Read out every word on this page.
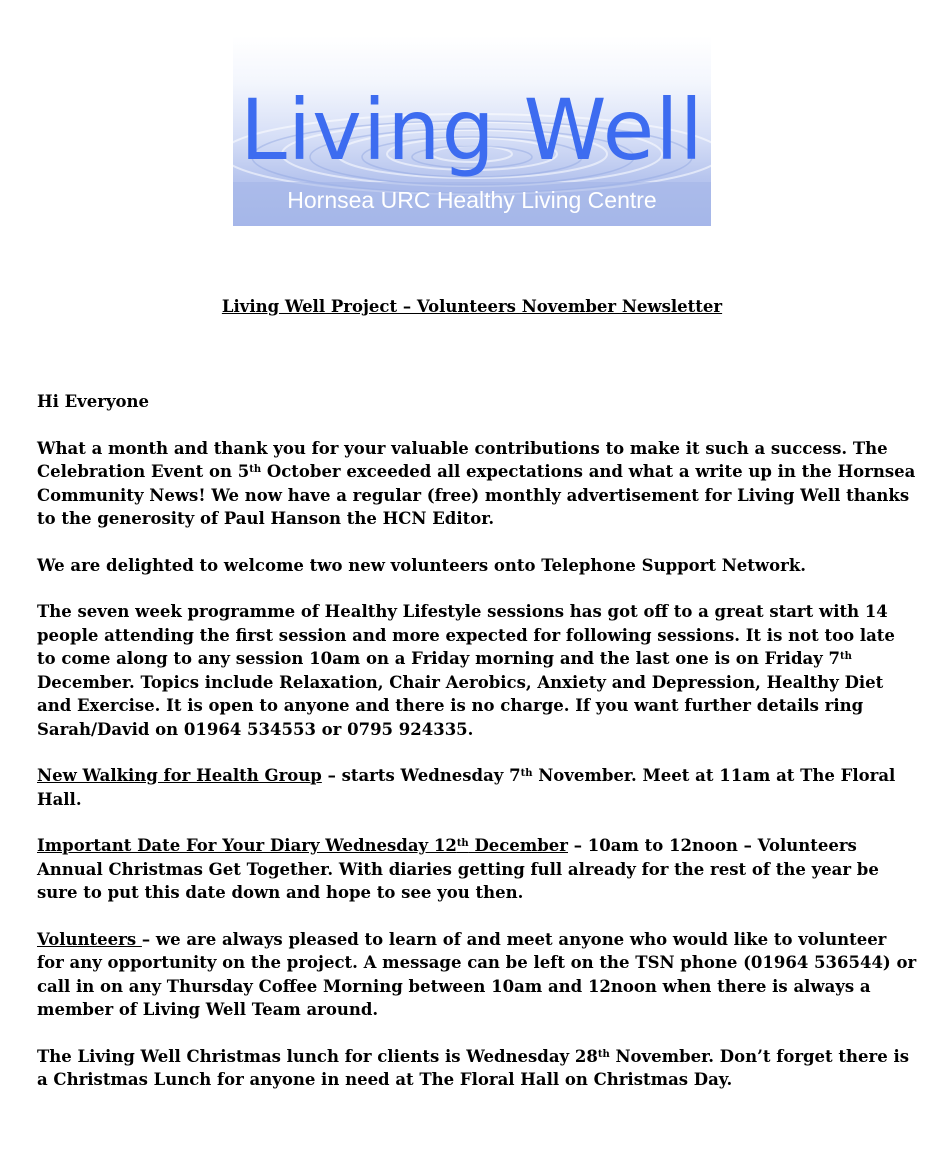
Living Well
Hornsea URC Healthy Living Centre
Living Well Project – Volunteers November Newsletter

Hi Everyone

What a month and thank you for your valuable contributions to make it such a success. The Celebration Event on 5th October exceeded all expectations and what a write up in the Hornsea Community News! We now have a regular (free) monthly advertisement for Living Well thanks to the generosity of Paul Hanson the HCN Editor.

We are delighted to welcome two new volunteers onto Telephone Support Network.

The seven week programme of Healthy Lifestyle sessions has got off to a great start with 14 people attending the first session and more expected for following sessions. It is not too late to come along to any session 10am on a Friday morning and the last one is on Friday 7th December. Topics include Relaxation, Chair Aerobics, Anxiety and Depression, Healthy Diet and Exercise. It is open to anyone and there is no charge. If you want further details ring Sarah/David on 01964 534553 or 0795 924335.

New Walking for Health Group – starts Wednesday 7th November. Meet at 11am at The Floral Hall.

Important Date For Your Diary Wednesday 12th December – 10am to 12noon – Volunteers Annual Christmas Get Together. With diaries getting full already for the rest of the year be sure to put this date down and hope to see you then.

Volunteers – we are always pleased to learn of and meet anyone who would like to volunteer for any opportunity on the project. A message can be left on the TSN phone (01964 536544) or call in on any Thursday Coffee Morning between 10am and 12noon when there is always a member of Living Well Team around.

The Living Well Christmas lunch for clients is Wednesday 28th November. Don’t forget there is a Christmas Lunch for anyone in need at The Floral Hall on Christmas Day.
